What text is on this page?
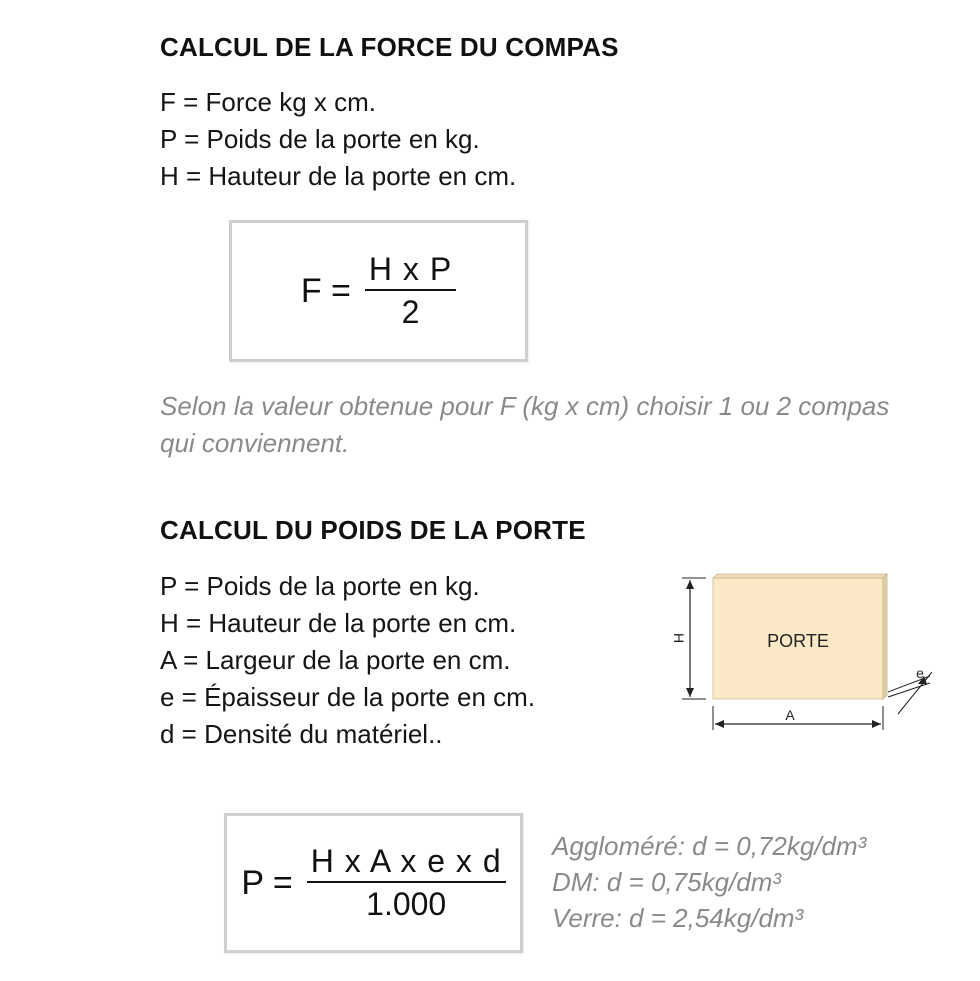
CALCUL DE LA FORCE DU COMPAS
F = Force kg x cm.
P = Poids de la porte en kg.
H = Hauteur de la porte en cm.
$F = \frac{\text{H x P}}{2}$

Selon la valeur obtenue pour F (kg x cm) choisir 1 ou 2 compas qui conviennent.

CALCUL DU POIDS DE LA PORTE
P = Poids de la porte en kg.
H = Hauteur de la porte en cm.
A = Largeur de la porte en cm.
e = Épaisseur de la porte en cm.
d = Densité du matériel..
PORTE
H
A
e
$P = \frac{\text{H x A x e x d}}{1.000}$ Aggloméré: d = 0,72kg/dm³
DM: d = 0,75kg/dm³
Verre: d = 2,54kg/dm³
